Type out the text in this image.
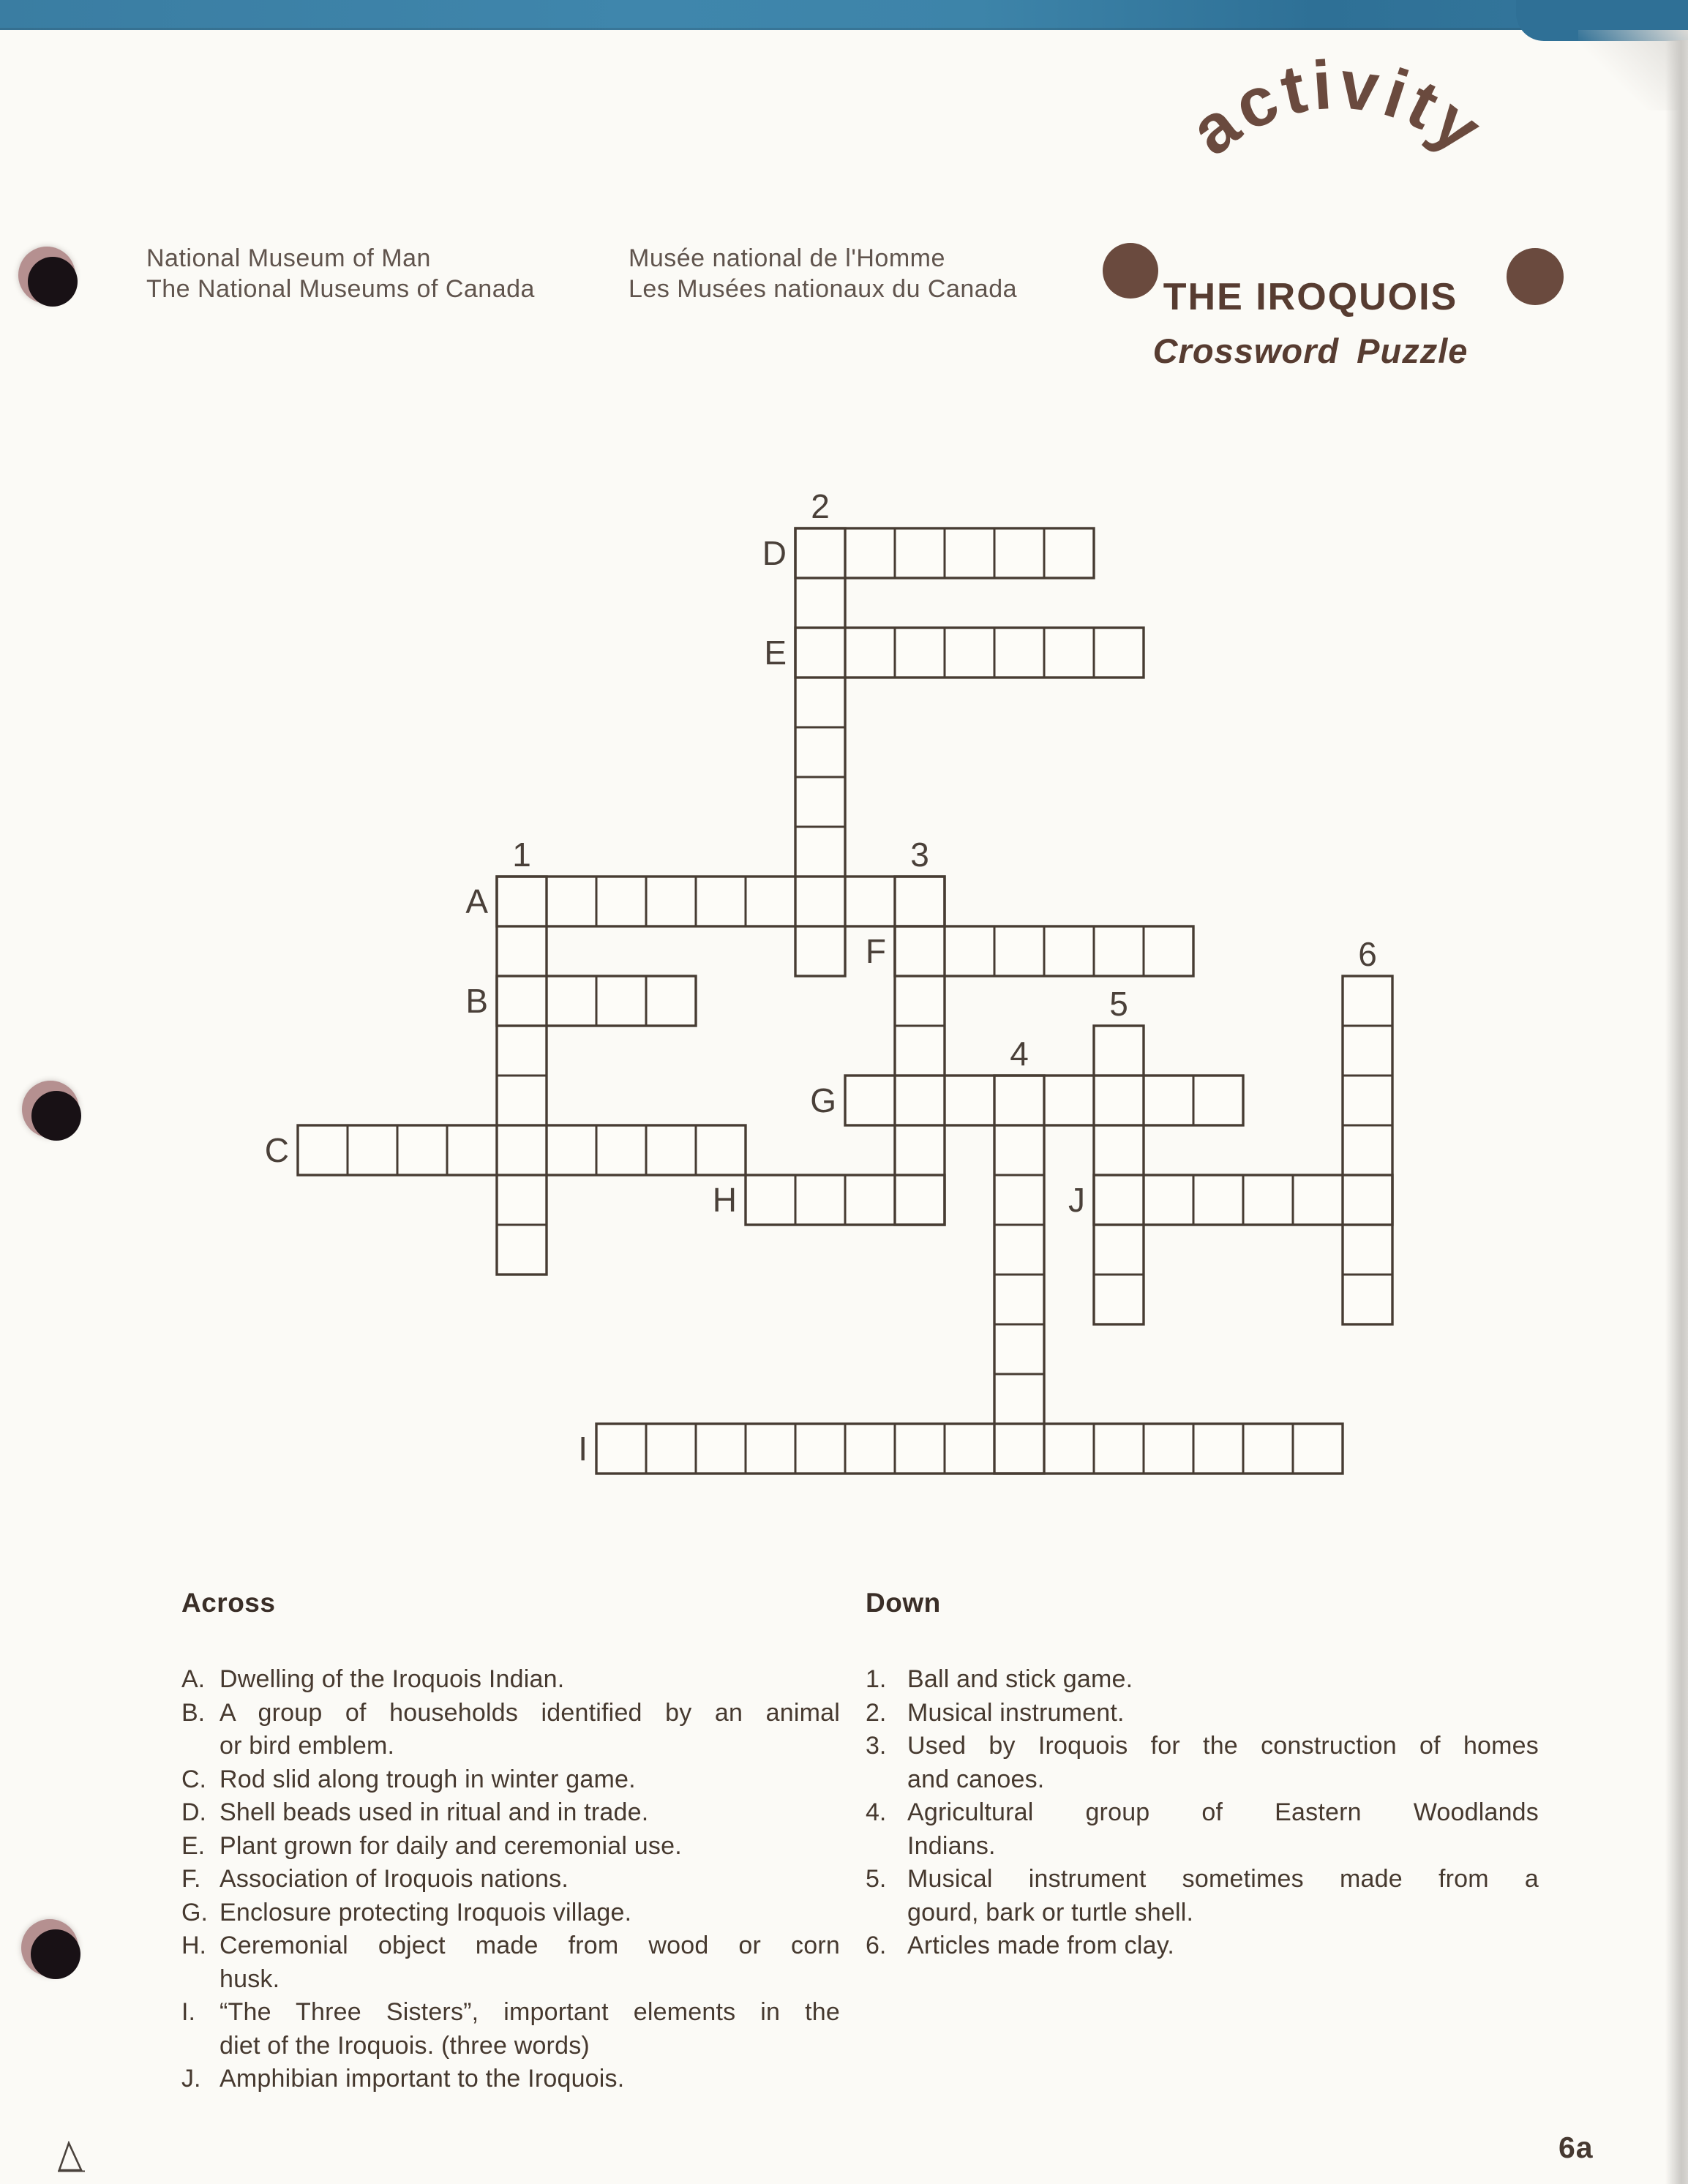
National Museum of Man
The National Museums of Canada
Musée national de l'Homme
Les Musées nationaux du Canada
activity
THE IROQUOIS
Crossword Puzzle
D
E
A
F
B
G
C
H	J
I
1
2
3
4
5
6
Across
A. Dwelling of the Iroquois Indian.
B. A group of households identified by an animal
or bird emblem.
C. Rod slid along trough in winter game.
D. Shell beads used in ritual and in trade.
E. Plant grown for daily and ceremonial use.
F. Association of Iroquois nations.
G. Enclosure protecting Iroquois village.
H. Ceremonial object made from wood or corn
husk.
I. “The Three Sisters”, important elements in the
diet of the Iroquois. (three words)
J. Amphibian important to the Iroquois.
Down
1. Ball and stick game.
2. Musical instrument.
3. Used by Iroquois for the construction of homes
and canoes.
4. Agricultural group of Eastern Woodlands
Indians.
5. Musical instrument sometimes made from a
gourd, bark or turtle shell.
6. Articles made from clay.
6a
